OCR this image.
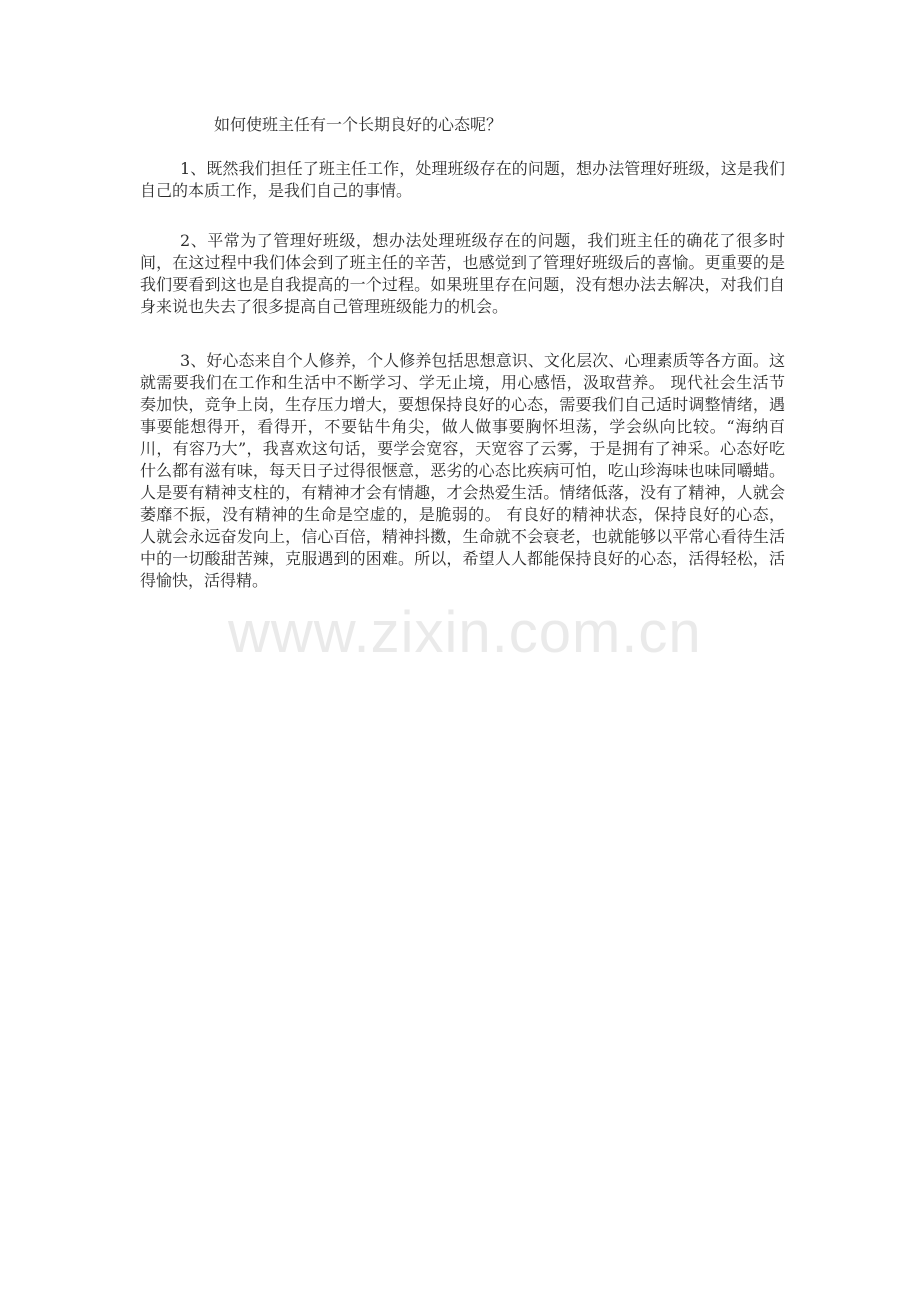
如何使班主任有一个长期良好的心态呢？

1、既然我们担任了班主任工作，处理班级存在的问题，想办法管理好班级，这是我们自己的本质工作，是我们自己的事情。

2、平常为了管理好班级，想办法处理班级存在的问题，我们班主任的确花了很多时间，在这过程中我们体会到了班主任的辛苦，也感觉到了管理好班级后的喜愉。更重要的是我们要看到这也是自我提高的一个过程。如果班里存在问题，没有想办法去解决，对我们自身来说也失去了很多提高自己管理班级能力的机会。

3、好心态来自个人修养，个人修养包括思想意识、文化层次、心理素质等各方面。这就需要我们在工作和生活中不断学习、学无止境，用心感悟，汲取营养。 现代社会生活节奏加快，竞争上岗，生存压力增大，要想保持良好的心态，需要我们自己适时调整情绪，遇事要能想得开，看得开，不要钻牛角尖，做人做事要胸怀坦荡，学会纵向比较。“海纳百川，有容乃大”，我喜欢这句话，要学会宽容，天宽容了云雾，于是拥有了神采。心态好吃什么都有滋有味，每天日子过得很惬意，恶劣的心态比疾病可怕，吃山珍海味也味同嚼蜡。 人是要有精神支柱的，有精神才会有情趣，才会热爱生活。情绪低落，没有了精神，人就会萎靡不振，没有精神的生命是空虚的，是脆弱的。 有良好的精神状态，保持良好的心态，人就会永远奋发向上，信心百倍，精神抖擞，生命就不会衰老，也就能够以平常心看待生活中的一切酸甜苦辣，克服遇到的困难。所以，希望人人都能保持良好的心态，活得轻松，活得愉快，活得精。

www.zixin.com.cn
